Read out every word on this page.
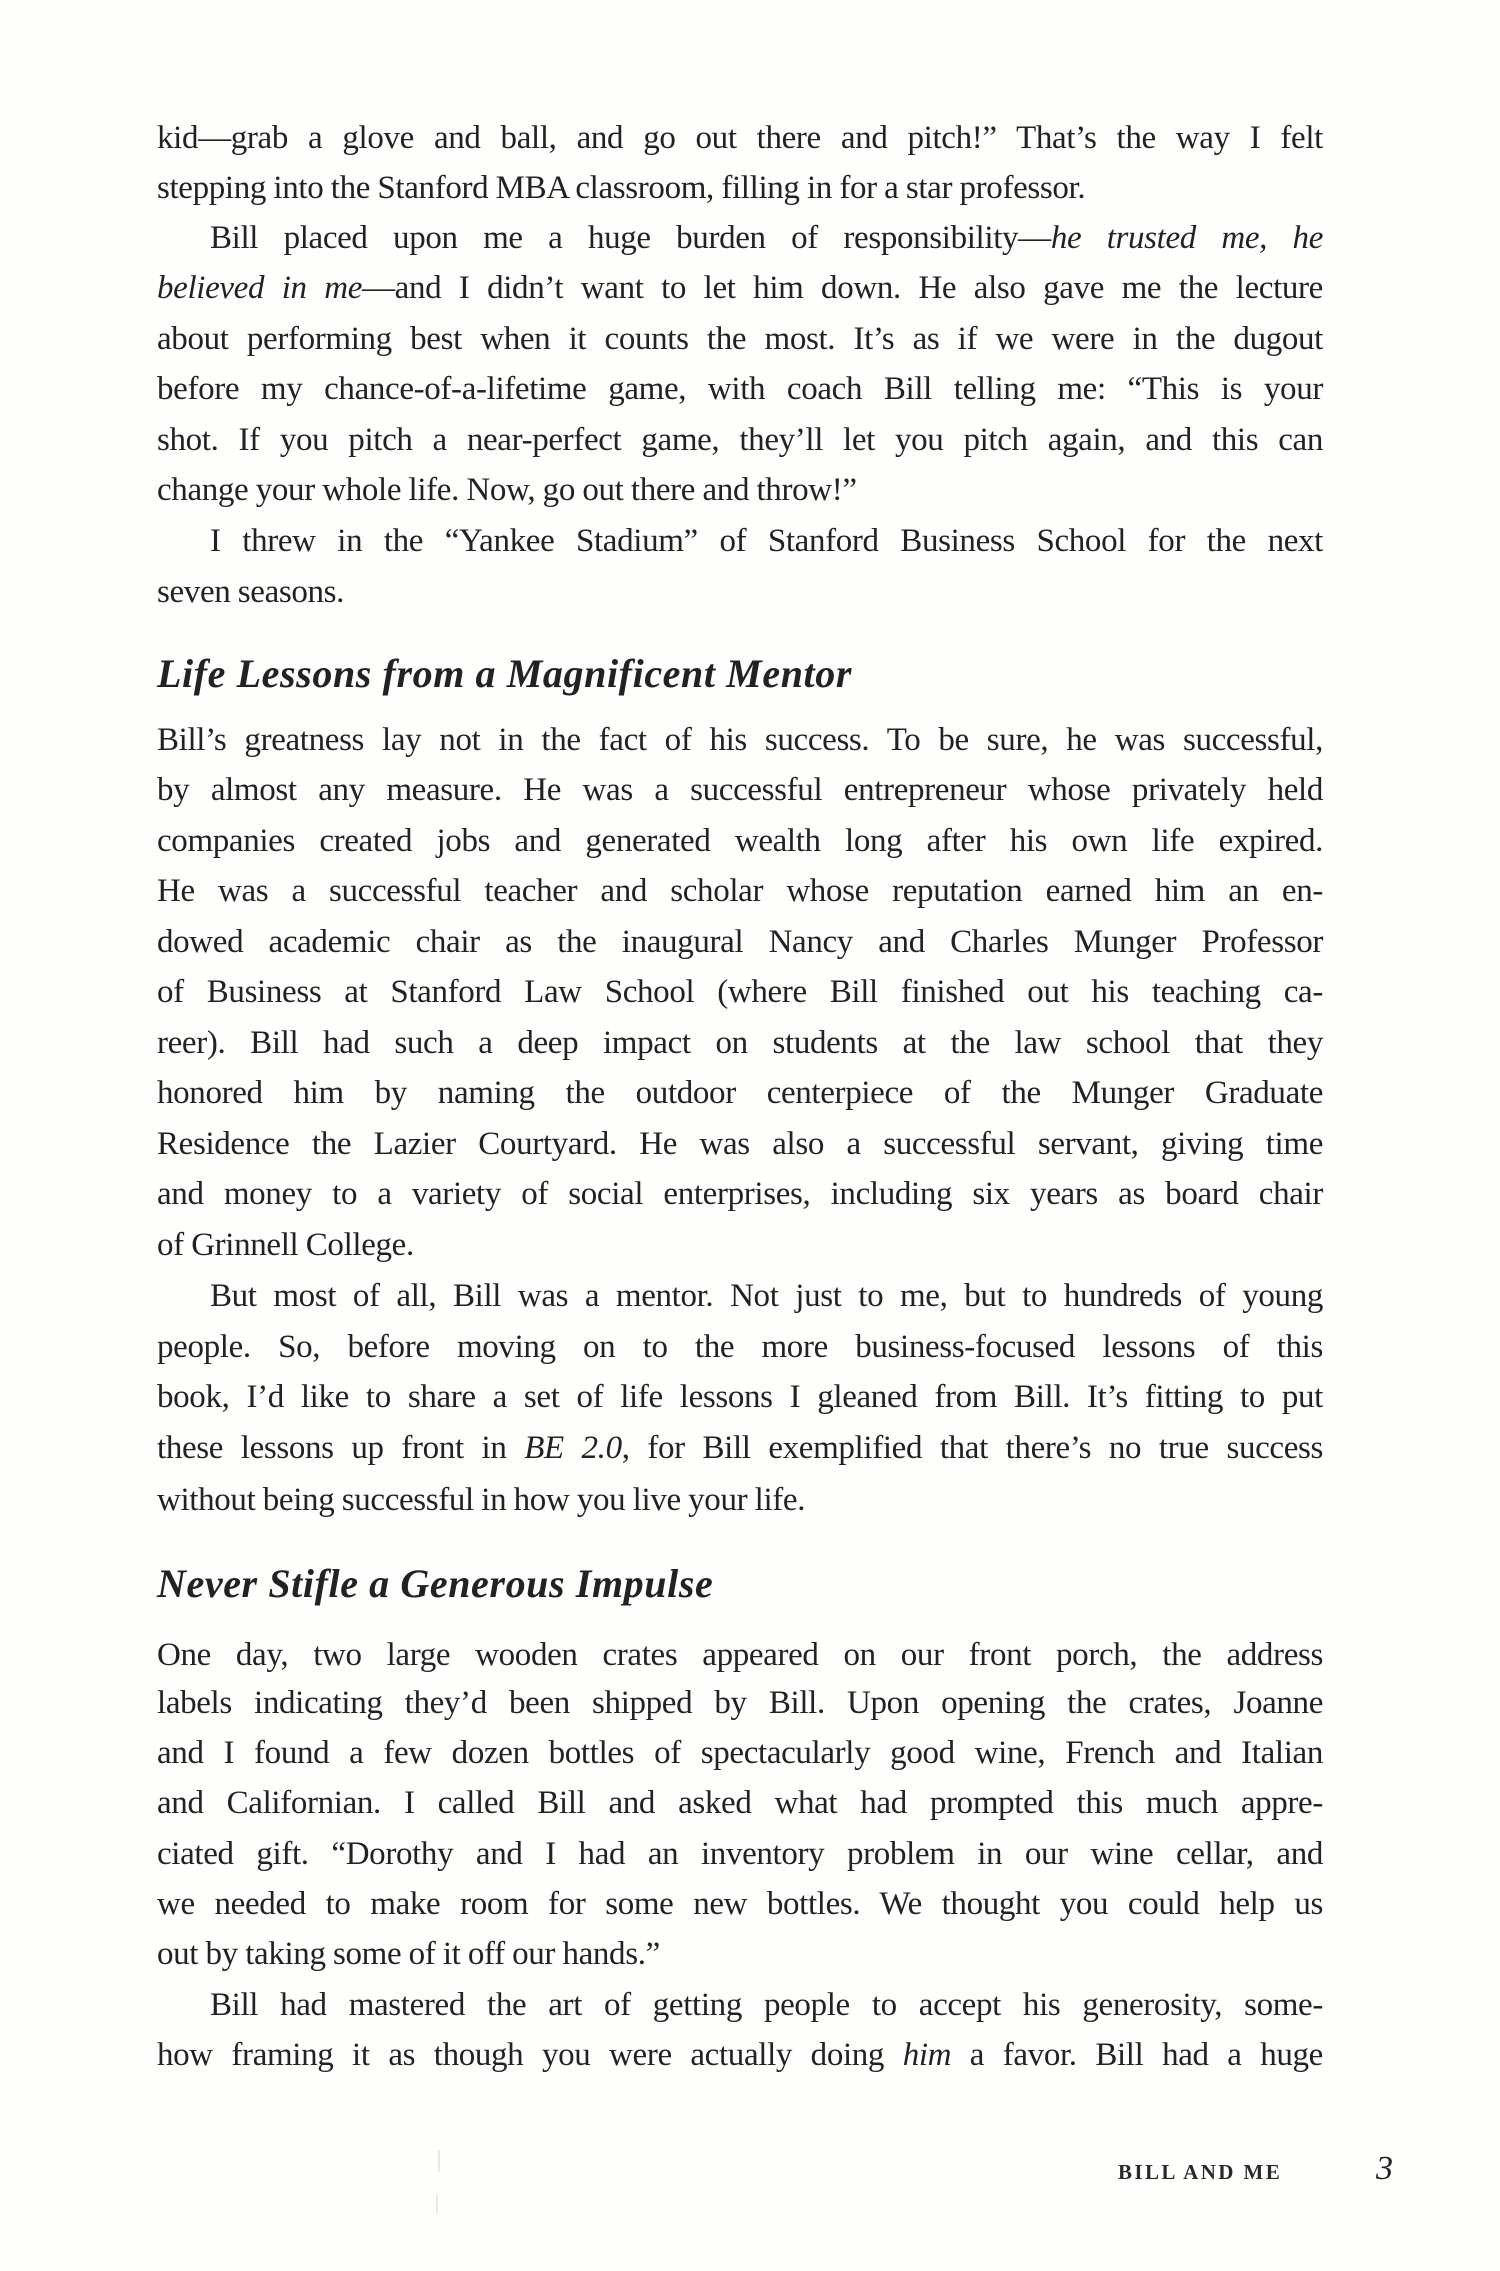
kid—grab a glove and ball, and go out there and pitch!” That’s the way I felt
stepping into the Stanford MBA classroom, filling in for a star professor.
Bill placed upon me a huge burden of responsibility—he trusted me, he
believed in me—and I didn’t want to let him down. He also gave me the lecture
about performing best when it counts the most. It’s as if we were in the dugout
before my chance-of-a-lifetime game, with coach Bill telling me: “This is your
shot. If you pitch a near-perfect game, they’ll let you pitch again, and this can
change your whole life. Now, go out there and throw!”
I threw in the “Yankee Stadium” of Stanford Business School for the next
seven seasons.
Life Lessons from a Magnificent Mentor
Bill’s greatness lay not in the fact of his success. To be sure, he was successful,
by almost any measure. He was a successful entrepreneur whose privately held
companies created jobs and generated wealth long after his own life expired.
He was a successful teacher and scholar whose reputation earned him an en-
dowed academic chair as the inaugural Nancy and Charles Munger Professor
of Business at Stanford Law School (where Bill finished out his teaching ca-
reer). Bill had such a deep impact on students at the law school that they
honored him by naming the outdoor centerpiece of the Munger Graduate
Residence the Lazier Courtyard. He was also a successful servant, giving time
and money to a variety of social enterprises, including six years as board chair
of Grinnell College.
But most of all, Bill was a mentor. Not just to me, but to hundreds of young
people. So, before moving on to the more business-focused lessons of this
book, I’d like to share a set of life lessons I gleaned from Bill. It’s fitting to put
these lessons up front in BE 2.0, for Bill exemplified that there’s no true success
without being successful in how you live your life.
Never Stifle a Generous Impulse
One day, two large wooden crates appeared on our front porch, the address
labels indicating they’d been shipped by Bill. Upon opening the crates, Joanne
and I found a few dozen bottles of spectacularly good wine, French and Italian
and Californian. I called Bill and asked what had prompted this much appre-
ciated gift. “Dorothy and I had an inventory problem in our wine cellar, and
we needed to make room for some new bottles. We thought you could help us
out by taking some of it off our hands.”
Bill had mastered the art of getting people to accept his generosity, some-
how framing it as though you were actually doing him a favor. Bill had a huge
BILL AND ME	3
